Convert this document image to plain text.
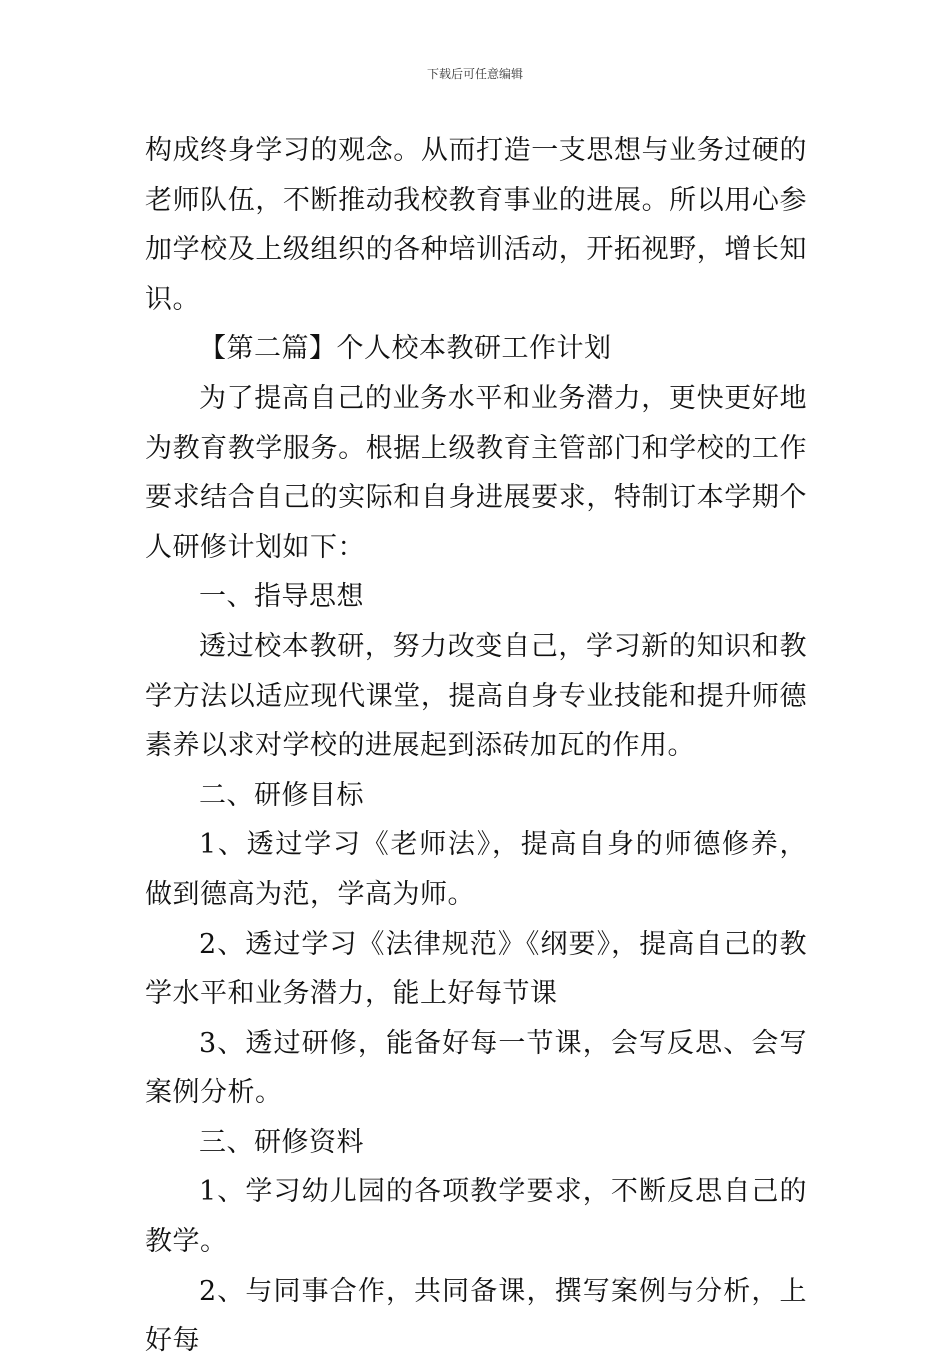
下载后可任意编辑

构成终身学习的观念。从而打造一支思想与业务过硬的老师队伍，不断推动我校教育事业的进展。所以用心参加学校及上级组织的各种培训活动，开拓视野，增长知识。

【第二篇】个人校本教研工作计划

为了提高自己的业务水平和业务潜力，更快更好地为教育教学服务。根据上级教育主管部门和学校的工作要求结合自己的实际和自身进展要求，特制订本学期个人研修计划如下：

一、指导思想

透过校本教研，努力改变自己，学习新的知识和教学方法以适应现代课堂，提高自身专业技能和提升师德素养以求对学校的进展起到添砖加瓦的作用。

二、研修目标

1、透过学习《老师法》，提高自身的师德修养，做到德高为范，学高为师。

2、透过学习《法律规范》《纲要》，提高自己的教学水平和业务潜力，能上好每节课

3、透过研修，能备好每一节课，会写反思、会写案例分析。

三、研修资料

1、学习幼儿园的各项教学要求，不断反思自己的教学。

2、与同事合作，共同备课，撰写案例与分析，上好每
